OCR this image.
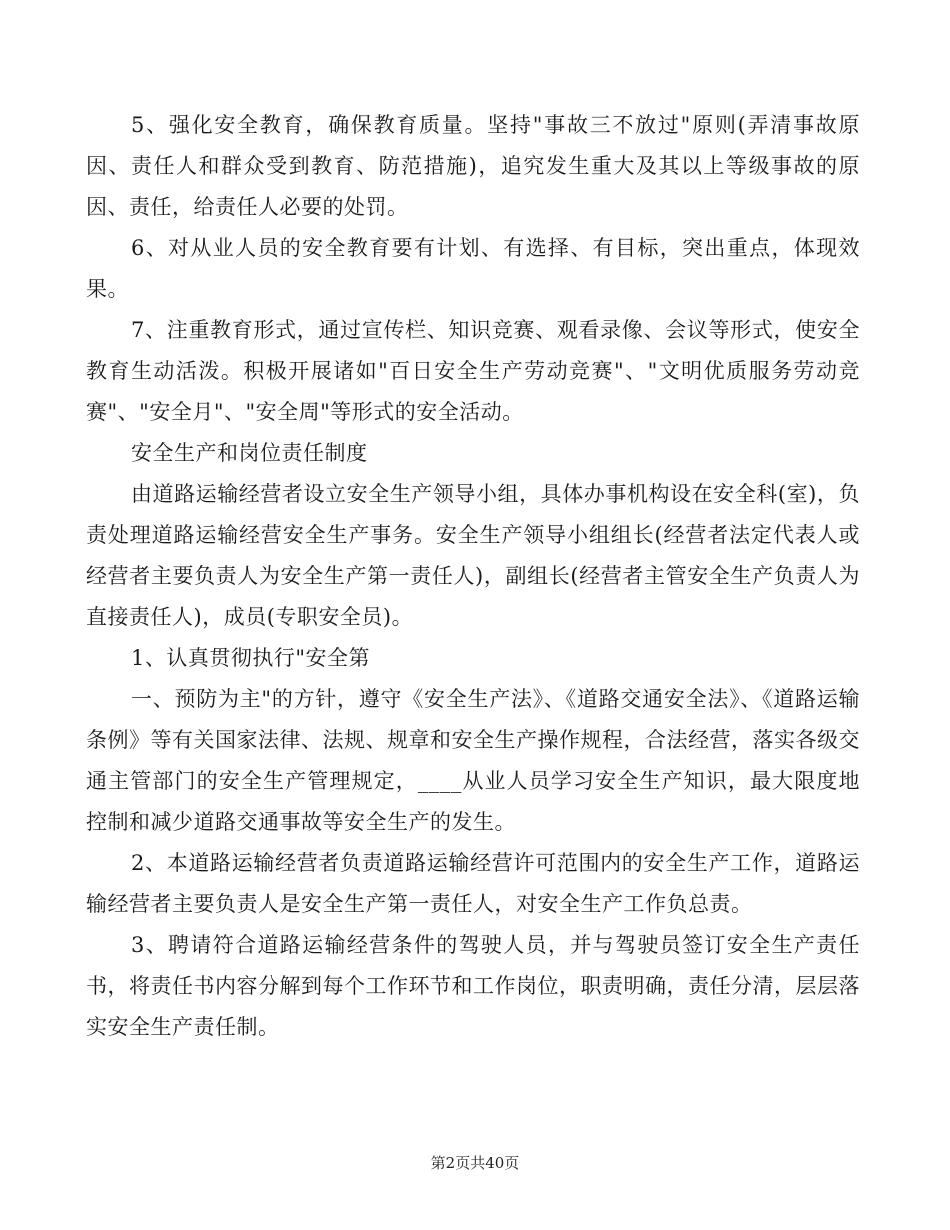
5、强化安全教育，确保教育质量。坚持"事故三不放过"原则(弄清事故原因、责任人和群众受到教育、防范措施)，追究发生重大及其以上等级事故的原因、责任，给责任人必要的处罚。

6、对从业人员的安全教育要有计划、有选择、有目标，突出重点，体现效果。

7、注重教育形式，通过宣传栏、知识竞赛、观看录像、会议等形式，使安全教育生动活泼。积极开展诸如"百日安全生产劳动竞赛"、"文明优质服务劳动竞赛"、"安全月"、"安全周"等形式的安全活动。

安全生产和岗位责任制度

由道路运输经营者设立安全生产领导小组，具体办事机构设在安全科(室)，负责处理道路运输经营安全生产事务。安全生产领导小组组长(经营者法定代表人或经营者主要负责人为安全生产第一责任人)，副组长(经营者主管安全生产负责人为直接责任人)，成员(专职安全员)。

1、认真贯彻执行"安全第

一、预防为主"的方针，遵守《安全生产法》、《道路交通安全法》、《道路运输条例》等有关国家法律、法规、规章和安全生产操作规程，合法经营，落实各级交通主管部门的安全生产管理规定，____从业人员学习安全生产知识，最大限度地控制和减少道路交通事故等安全生产的发生。

2、本道路运输经营者负责道路运输经营许可范围内的安全生产工作，道路运输经营者主要负责人是安全生产第一责任人，对安全生产工作负总责。

3、聘请符合道路运输经营条件的驾驶人员，并与驾驶员签订安全生产责任书，将责任书内容分解到每个工作环节和工作岗位，职责明确，责任分清，层层落实安全生产责任制。

第2页共40页
